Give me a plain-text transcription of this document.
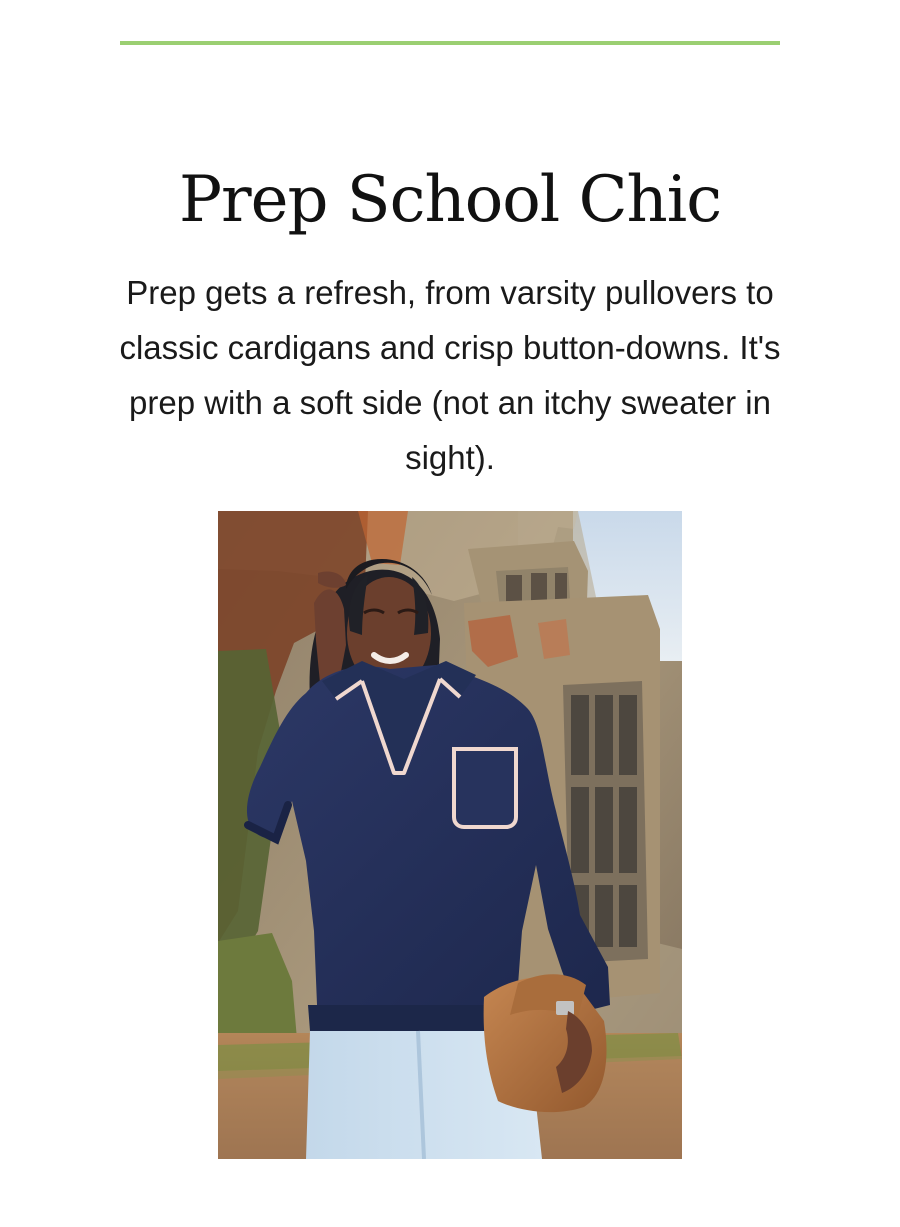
Prep School Chic

Prep gets a refresh, from varsity pullovers to classic cardigans and crisp button-downs. It's prep with a soft side (not an itchy sweater in sight).
